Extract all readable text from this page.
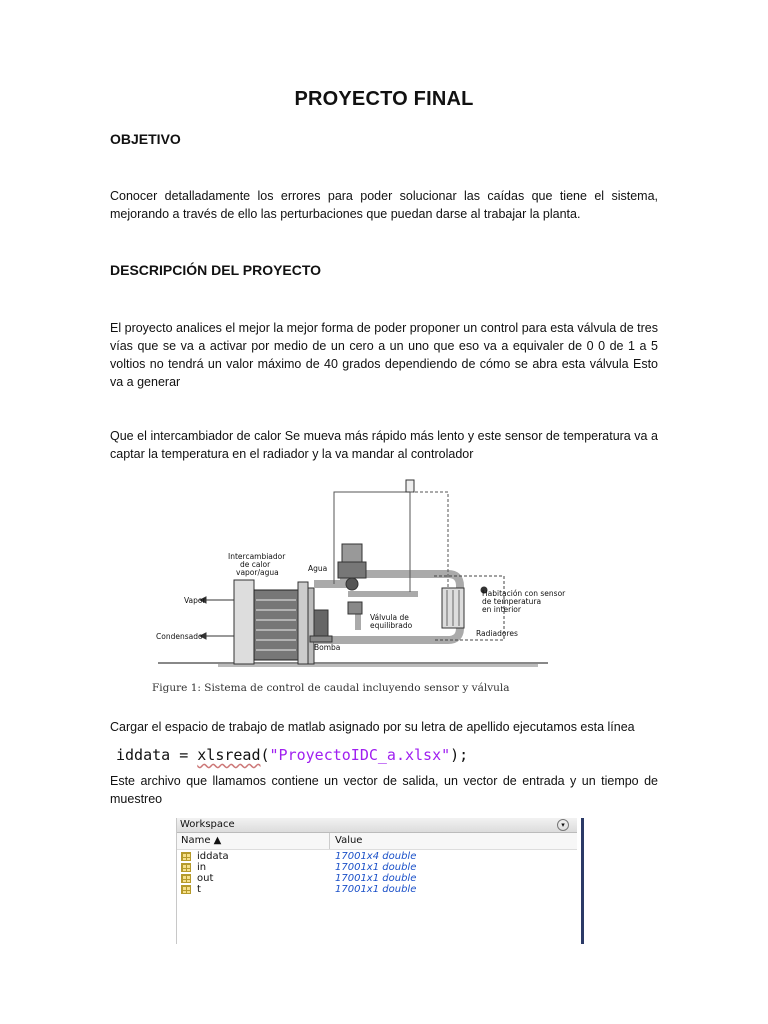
PROYECTO FINAL
OBJETIVO
Conocer detalladamente los errores para poder solucionar las caídas que tiene el sistema, mejorando a través de ello las perturbaciones que puedan darse al trabajar la planta.
DESCRIPCIÓN DEL PROYECTO
El proyecto analices el mejor la mejor forma de poder proponer un control para esta válvula de tres vías que se va a activar por medio de un cero a un uno que eso va a equivaler de 0 0 de 1 a 5 voltios no tendrá un valor máximo de 40 grados dependiendo de cómo se abra esta válvula Esto va a generar
Que el intercambiador de calor Se mueva más rápido más lento y este sensor de temperatura va a captar la temperatura en el radiador y la va mandar al controlador
Intercambiador
de calor
vapor/agua	Agua
Vapor
Condensado
Bomba
Válvula de
equilibrado
Habitación con sensor
de temperatura
en interior
Radiadores
Figure 1: Sistema de control de caudal incluyendo sensor y válvula
Cargar el espacio de trabajo de matlab asignado por su letra de apellido ejecutamos esta línea
iddata = xlsread("ProyectoIDC_a.xlsx");
Este archivo que llamamos contiene un vector de salida, un vector de entrada y un tiempo de muestreo
Workspace	▾
Name ▲	Value
iddata	17001x4 double
in	17001x1 double
out	17001x1 double
t	17001x1 double
